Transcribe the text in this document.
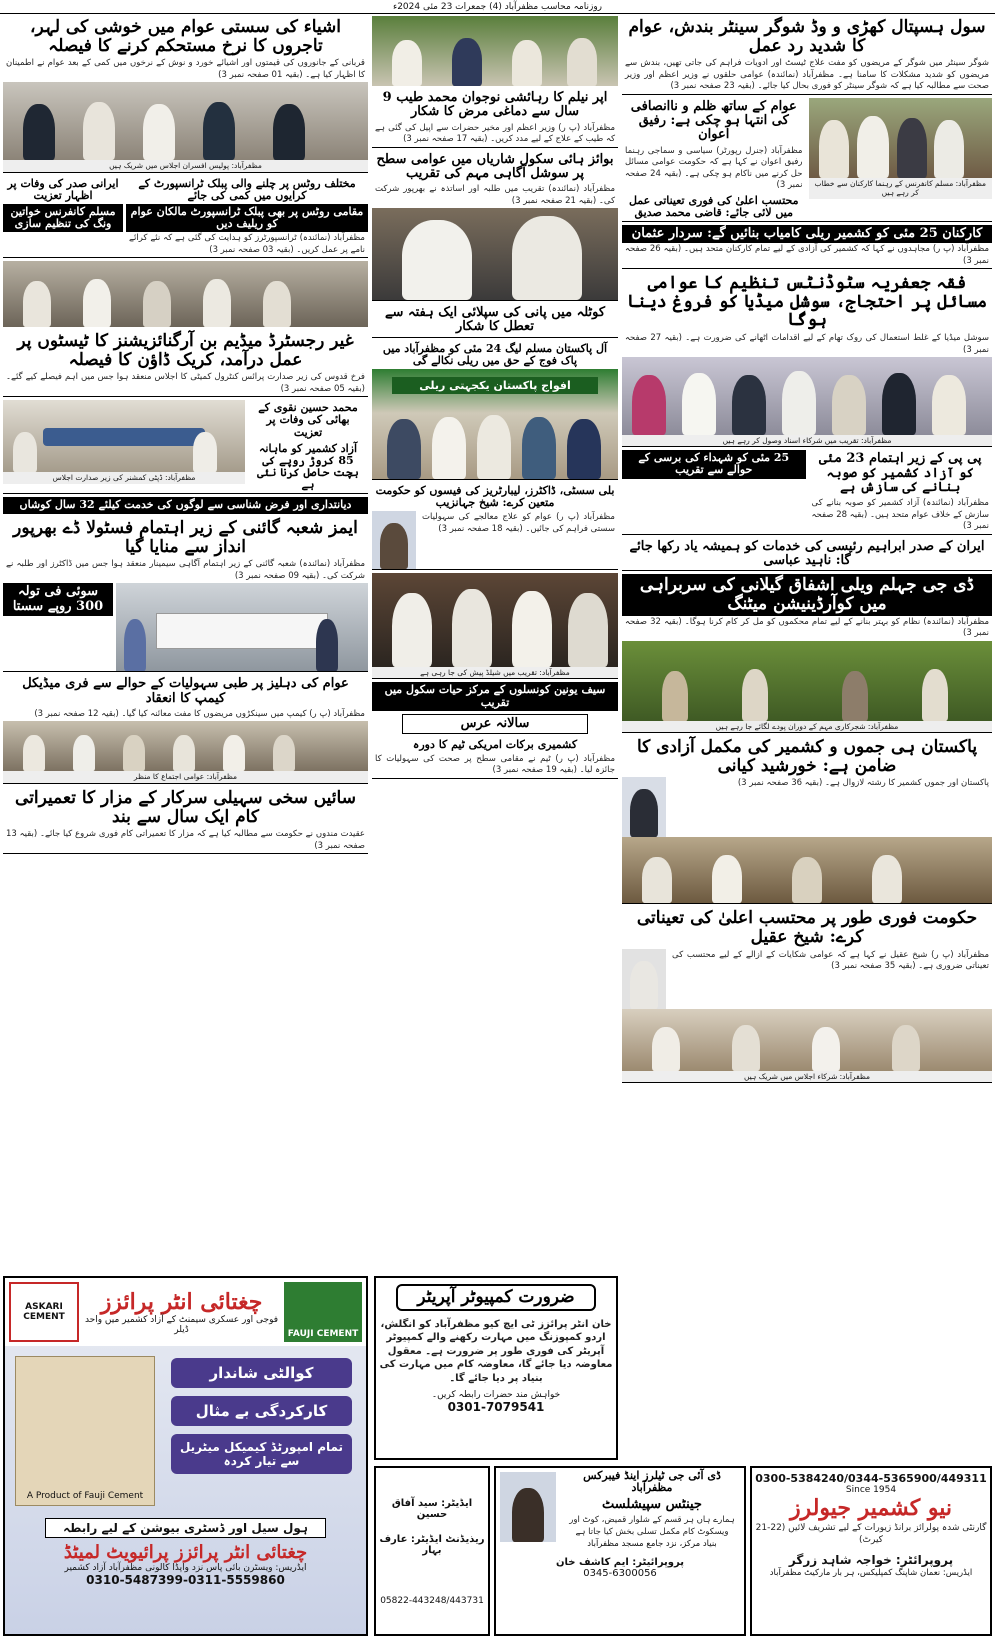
روزنامہ محاسب مظفرآباد (4) جمعرات 23 مئی 2024ء
سول ہسپتال کھڑی و وڈ شوگر سینٹر بندش، عوام کا شدید رد عمل
شوگر سینٹر میں شوگر کے مریضوں کو مفت علاج ٹیسٹ اور ادویات فراہم کی جاتی تھیں، بندش سے مریضوں کو شدید مشکلات کا سامنا ہے۔ مظفرآباد (نمائندہ) عوامی حلقوں نے وزیر اعظم اور وزیر صحت سے مطالبہ کیا ہے کہ شوگر سینٹر کو فوری بحال کیا جائے۔ (بقیہ 23 صفحہ نمبر 3)
مظفرآباد: مسلم کانفرنس کے رہنما کارکنان سے خطاب کر رہے ہیں
عوام کے ساتھ ظلم و ناانصافی کی انتہا ہو چکی ہے: رفیق اعوان
مظفرآباد (جنرل رپورٹر) سیاسی و سماجی رہنما رفیق اعوان نے کہا ہے کہ حکومت عوامی مسائل حل کرنے میں ناکام ہو چکی ہے۔ (بقیہ 24 صفحہ نمبر 3)
محتسب اعلیٰ کی فوری تعیناتی عمل میں لائی جائے: قاضی محمد صدیق
کارکنان 25 مئی کو کشمیر ریلی کامیاب بنائیں گے: سردار عثمان
مظفرآباد (پ ر) مجاہدوں نے کہا کہ کشمیر کی آزادی کے لیے تمام کارکنان متحد ہیں۔ (بقیہ 26 صفحہ نمبر 3)
فقہ جعفریہ سٹوڈنٹس تنظیم کا عوامی مسائل پر احتجاج، سوشل میڈیا کو فروغ دینا ہوگا
سوشل میڈیا کے غلط استعمال کی روک تھام کے لیے اقدامات اٹھانے کی ضرورت ہے۔ (بقیہ 27 صفحہ نمبر 3)
مظفرآباد: تقریب میں شرکاء اسناد وصول کر رہے ہیں
پی پی کے زیر اہتمام 23 مئی کو آزاد کشمیر کو صوبہ بنانے کی سازش ہے
مظفرآباد (نمائندہ) آزاد کشمیر کو صوبہ بنانے کی سازش کے خلاف عوام متحد ہیں۔ (بقیہ 28 صفحہ نمبر 3)
25 مئی کو شہداء کی برسی کے حوالے سے تقریب
ایران کے صدر ابراہیم رئیسی کی خدمات کو ہمیشہ یاد رکھا جائے گا: ناہید عباسی
ڈی جی جہلم ویلی اشفاق گیلانی کی سربراہی میں کوآرڈینیشن میٹنگ
مظفرآباد (نمائندہ) نظام کو بہتر بنانے کے لیے تمام محکموں کو مل کر کام کرنا ہوگا۔ (بقیہ 32 صفحہ نمبر 3)
مظفرآباد: شجرکاری مہم کے دوران پودے لگائے جا رہے ہیں
پاکستان ہی جموں و کشمیر کی مکمل آزادی کا ضامن ہے: خورشید کیانی
پاکستان اور جموں کشمیر کا رشتہ لازوال ہے۔ (بقیہ 36 صفحہ نمبر 3)
حکومت فوری طور پر محتسب اعلیٰ کی تعیناتی کرے: شیخ عقیل
مظفرآباد (پ ر) شیخ عقیل نے کہا ہے کہ عوامی شکایات کے ازالے کے لیے محتسب کی تعیناتی ضروری ہے۔ (بقیہ 35 صفحہ نمبر 3)
مظفرآباد: شرکاء اجلاس میں شریک ہیں
اپر نیلم کا رہائشی نوجوان محمد طیب 9 سال سے دماغی مرض کا شکار
مظفرآباد (پ ر) وزیر اعظم اور مخیر حضرات سے اپیل کی گئی ہے کہ طیب کے علاج کے لیے مدد کریں۔ (بقیہ 17 صفحہ نمبر 3)
بوائز ہائی سکول شاریاں میں عوامی سطح پر سوشل آگاہی مہم کی تقریب
مظفرآباد (نمائندہ) تقریب میں طلبہ اور اساتذہ نے بھرپور شرکت کی۔ (بقیہ 21 صفحہ نمبر 3)
کوٹلہ میں پانی کی سپلائی ایک ہفتہ سے تعطل کا شکار
آل پاکستان مسلم لیگ 24 مئی کو مظفرآباد میں پاک فوج کے حق میں ریلی نکالے گی
افواج پاکستان یکجہتی ریلی
بلی سسٹی، ڈاکٹرز، لیبارٹریز کی فیسوں کو حکومت متعین کرے: شیخ جہانزیب
مظفرآباد (پ ر) عوام کو علاج معالجے کی سہولیات سستی فراہم کی جائیں۔ (بقیہ 18 صفحہ نمبر 3)
مظفرآباد: تقریب میں شیلڈ پیش کی جا رہی ہے
سیف یونین کونسلوں کے مرکز حیات سکول میں تقریب
سالانہ عرس
کشمیری برکات امریکی ٹیم کا دورہ
مظفرآباد (پ ر) ٹیم نے مقامی سطح پر صحت کی سہولیات کا جائزہ لیا۔ (بقیہ 19 صفحہ نمبر 3)
اشیاء کی سستی عوام میں خوشی کی لہر، تاجروں کا نرخ مستحکم کرنے کا فیصلہ
قربانی کے جانوروں کی قیمتوں اور اشیائے خورد و نوش کے نرخوں میں کمی کے بعد عوام نے اطمینان کا اظہار کیا ہے۔ (بقیہ 01 صفحہ نمبر 3)
مظفرآباد: پولیس افسران اجلاس میں شریک ہیں
مختلف روٹس پر چلنے والی پبلک ٹرانسپورٹ کے کرایوں میں کمی کی جائے
مقامی روٹس پر بھی پبلک ٹرانسپورٹ مالکان عوام کو ریلیف دیں
مظفرآباد (نمائندہ) ٹرانسپورٹرز کو ہدایت کی گئی ہے کہ نئے کرائے نامے پر عمل کریں۔ (بقیہ 03 صفحہ نمبر 3)
ایرانی صدر کی وفات پر اظہار تعزیت
مسلم کانفرنس خواتین ونگ کی تنظیم سازی
غیر رجسٹرڈ میڈیم بن آرگنائزیشنز کا ٹیسٹوں پر عمل درآمد، کریک ڈاؤن کا فیصلہ
فرخ قدوس کی زیر صدارت پرائس کنٹرول کمیٹی کا اجلاس منعقد ہوا جس میں اہم فیصلے کیے گئے۔ (بقیہ 05 صفحہ نمبر 3)
محمد حسین نقوی کے بھائی کی وفات پر تعزیت
آزاد کشمیر کو ماہانہ 85 کروڑ روپے کی بچت حاصل کرنا نئی ہے
مظفرآباد: ڈپٹی کمشنر کی زیر صدارت اجلاس
دیانتداری اور فرض شناسی سے لوگوں کی خدمت کیلئے 32 سال کوشاں
ایمز شعبہ گائنی کے زیر اہتمام فسٹولا ڈے بھرپور انداز سے منایا گیا
مظفرآباد (نمائندہ) شعبہ گائنی کے زیر اہتمام آگاہی سیمینار منعقد ہوا جس میں ڈاکٹرز اور طلبہ نے شرکت کی۔ (بقیہ 09 صفحہ نمبر 3)
سوئی فی تولہ 300 روپے سستا
عوام کی دہلیز پر طبی سہولیات کے حوالے سے فری میڈیکل کیمپ کا انعقاد
مظفرآباد (پ ر) کیمپ میں سینکڑوں مریضوں کا مفت معائنہ کیا گیا۔ (بقیہ 12 صفحہ نمبر 3)
مظفرآباد: عوامی اجتماع کا منظر
سائیں سخی سہیلی سرکار کے مزار کا تعمیراتی کام ایک سال سے بند
عقیدت مندوں نے حکومت سے مطالبہ کیا ہے کہ مزار کا تعمیراتی کام فوری شروع کیا جائے۔ (بقیہ 13 صفحہ نمبر 3)
FAUJI CEMENT
چغتائی انٹر پرائزز
فوجی اور عسکری سیمنٹ کے آزاد کشمیر میں واحد ڈیلر
ASKARI CEMENT
کوالٹی شاندار
کارکردگی بے مثال
تمام امپورٹڈ کیمیکل میٹریل سے تیار کردہ
A Product of Fauji Cement
ہول سیل اور ڈسٹری بیوشن کے لیے رابطہ
چغتائی انٹر پرائزز پرائیویٹ لمیٹڈ
ایڈریس: ویسٹرن بائی پاس نزد واپڈا کالونی مظفرآباد آزاد کشمیر
0310-5487399-0311-5559860
ضرورت کمپیوٹر آپریٹر
خان انٹر پرائزز ٹی ایچ کیو مظفرآباد کو انگلش، اردو کمپوزنگ میں مہارت رکھنے والے کمپیوٹر آپریٹر کی فوری طور پر ضرورت ہے۔ معقول معاوضہ دیا جائے گا، معاوضہ کام میں مہارت کی بنیاد پر دیا جائے گا۔
خواہش مند حضرات رابطہ کریں۔
0301-7079541
ایڈیٹر: سید آفاق حسین
ریذیڈنٹ ایڈیٹر: عارف بہار
05822-443248/443731
ڈی آئی جی ٹیلرز اینڈ فیبرکس مظفرآباد
جینٹس سپیشلسٹ
ہمارے ہاں ہر قسم کے شلوار قمیض، کوٹ اور ویسکوٹ کام مکمل تسلی بخش کیا جاتا ہے
بنیاد مرکز، نزد جامع مسجد مظفرآباد
پروپرائیٹر: ایم کاشف خان
0345-6300056
0300-5384240/0344-5365900/449311
Since 1954
نیو کشمیر جیولرز
گارنٹی شدہ پولرائز برانڈ زیورات کے لیے تشریف لائیں (22-21 کیرٹ)
پروپرائٹر: خواجہ شاہد زرگر
ایڈریس: نعمان شاپنگ کمپلیکس، ہر بار مارکیٹ مظفرآباد
